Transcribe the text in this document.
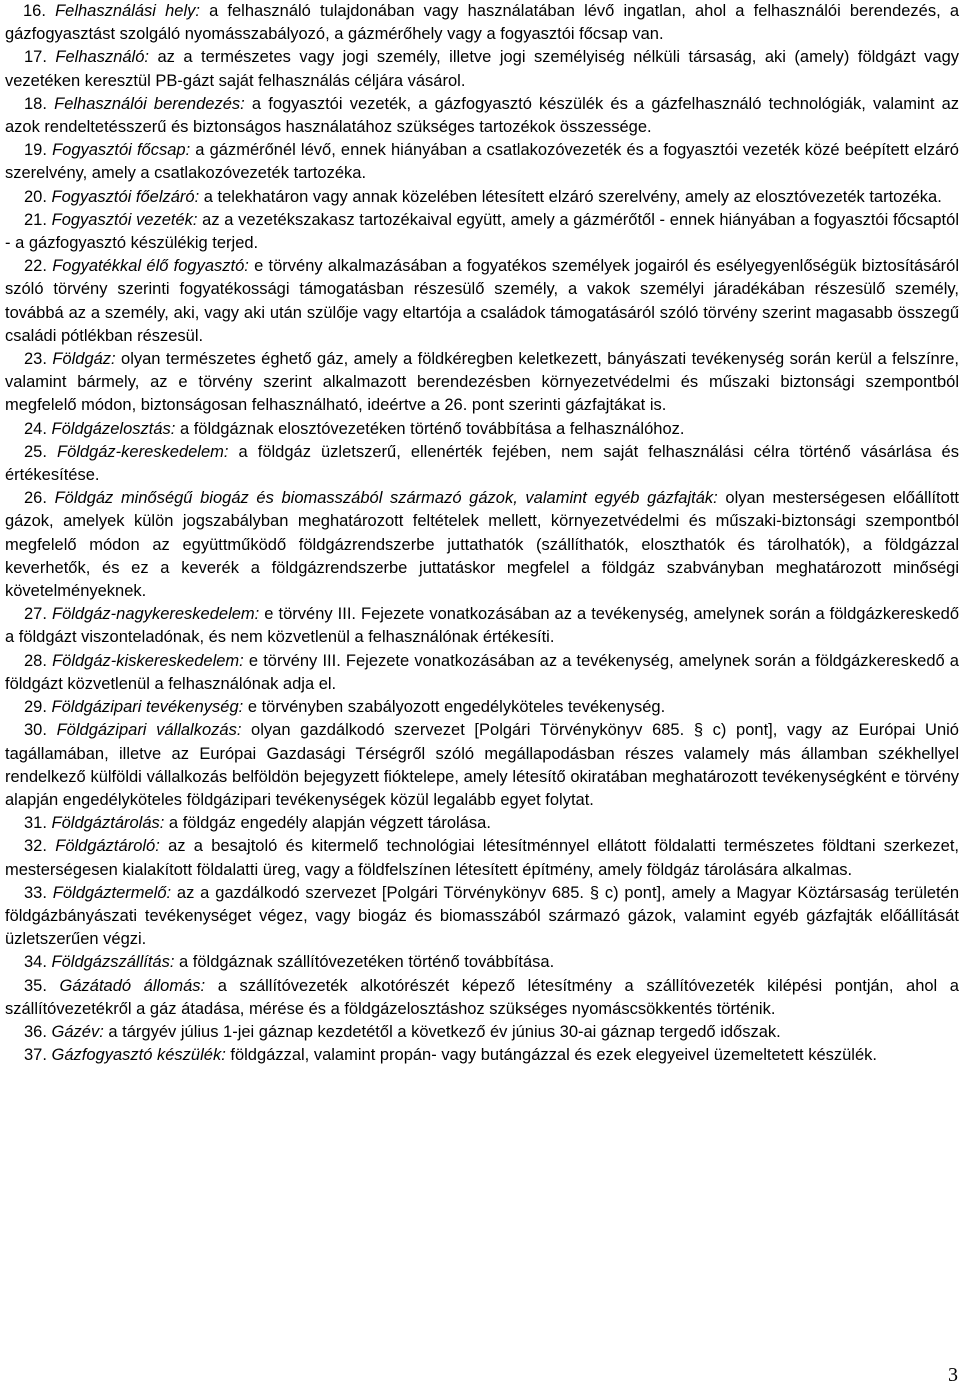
16. Felhasználási hely: a felhasználó tulajdonában vagy használatában lévő ingatlan, ahol a felhasználói berendezés, a gázfogyasztást szolgáló nyomásszabályozó, a gázmérőhely vagy a fogyasztói főcsap van.

17. Felhasználó: az a természetes vagy jogi személy, illetve jogi személyiség nélküli társaság, aki (amely) földgázt vagy vezetéken keresztül PB-gázt saját felhasználás céljára vásárol.

18. Felhasználói berendezés: a fogyasztói vezeték, a gázfogyasztó készülék és a gázfelhasználó technológiák, valamint az azok rendeltetésszerű és biztonságos használatához szükséges tartozékok összessége.

19. Fogyasztói főcsap: a gázmérőnél lévő, ennek hiányában a csatlakozóvezeték és a fogyasztói vezeték közé beépített elzáró szerelvény, amely a csatlakozóvezeték tartozéka.

20. Fogyasztói főelzáró: a telekhatáron vagy annak közelében létesített elzáró szerelvény, amely az elosztóvezeték tartozéka.

21. Fogyasztói vezeték: az a vezetékszakasz tartozékaival együtt, amely a gázmérőtől - ennek hiányában a fogyasztói főcsaptól - a gázfogyasztó készülékig terjed.

22. Fogyatékkal élő fogyasztó: e törvény alkalmazásában a fogyatékos személyek jogairól és esélyegyenlőségük biztosításáról szóló törvény szerinti fogyatékossági támogatásban részesülő személy, a vakok személyi járadékában részesülő személy, továbbá az a személy, aki, vagy aki után szülője vagy eltartója a családok támogatásáról szóló törvény szerint magasabb összegű családi pótlékban részesül.

23. Földgáz: olyan természetes éghető gáz, amely a földkéregben keletkezett, bányászati tevékenység során kerül a felszínre, valamint bármely, az e törvény szerint alkalmazott berendezésben környezetvédelmi és műszaki biztonsági szempontból megfelelő módon, biztonságosan felhasználható, ideértve a 26. pont szerinti gázfajtákat is.

24. Földgázelosztás: a földgáznak elosztóvezetéken történő továbbítása a felhasználóhoz.

25. Földgáz-kereskedelem: a földgáz üzletszerű, ellenérték fejében, nem saját felhasználási célra történő vásárlása és értékesítése.

26. Földgáz minőségű biogáz és biomasszából származó gázok, valamint egyéb gázfajták: olyan mesterségesen előállított gázok, amelyek külön jogszabályban meghatározott feltételek mellett, környezetvédelmi és műszaki-biztonsági szempontból megfelelő módon az együttműködő földgázrendszerbe juttathatók (szállíthatók, eloszthatók és tárolhatók), a földgázzal keverhetők, és ez a keverék a földgázrendszerbe juttatáskor megfelel a földgáz szabványban meghatározott minőségi követelményeknek.

27. Földgáz-nagykereskedelem: e törvény III. Fejezete vonatkozásában az a tevékenység, amelynek során a földgázkereskedő a földgázt viszonteladónak, és nem közvetlenül a felhasználónak értékesíti.

28. Földgáz-kiskereskedelem: e törvény III. Fejezete vonatkozásában az a tevékenység, amelynek során a földgázkereskedő a földgázt közvetlenül a felhasználónak adja el.

29. Földgázipari tevékenység: e törvényben szabályozott engedélyköteles tevékenység.

30. Földgázipari vállalkozás: olyan gazdálkodó szervezet [Polgári Törvénykönyv 685. § c) pont], vagy az Európai Unió tagállamában, illetve az Európai Gazdasági Térségről szóló megállapodásban részes valamely más államban székhellyel rendelkező külföldi vállalkozás belföldön bejegyzett fióktelepe, amely létesítő okiratában meghatározott tevékenységként e törvény alapján engedélyköteles földgázipari tevékenységek közül legalább egyet folytat.

31. Földgáztárolás: a földgáz engedély alapján végzett tárolása.

32. Földgáztároló: az a besajtoló és kitermelő technológiai létesítménnyel ellátott földalatti természetes földtani szerkezet, mesterségesen kialakított földalatti üreg, vagy a földfelszínen létesített építmény, amely földgáz tárolására alkalmas.

33. Földgáztermelő: az a gazdálkodó szervezet [Polgári Törvénykönyv 685. § c) pont], amely a Magyar Köztársaság területén földgázbányászati tevékenységet végez, vagy biogáz és biomasszából származó gázok, valamint egyéb gázfajták előállítását üzletszerűen végzi.

34. Földgázszállítás: a földgáznak szállítóvezetéken történő továbbítása.

35. Gázátadó állomás: a szállítóvezeték alkotórészét képező létesítmény a szállítóvezeték kilépési pontján, ahol a szállítóvezetékről a gáz átadása, mérése és a földgázelosztáshoz szükséges nyomáscsökkentés történik.

36. Gázév: a tárgyév július 1-jei gáznap kezdetétől a következő év június 30-ai gáznap tergedő időszak.

37. Gázfogyasztó készülék: földgázzal, valamint propán- vagy butángázzal és ezek elegyeivel üzemeltetett készülék.

3
